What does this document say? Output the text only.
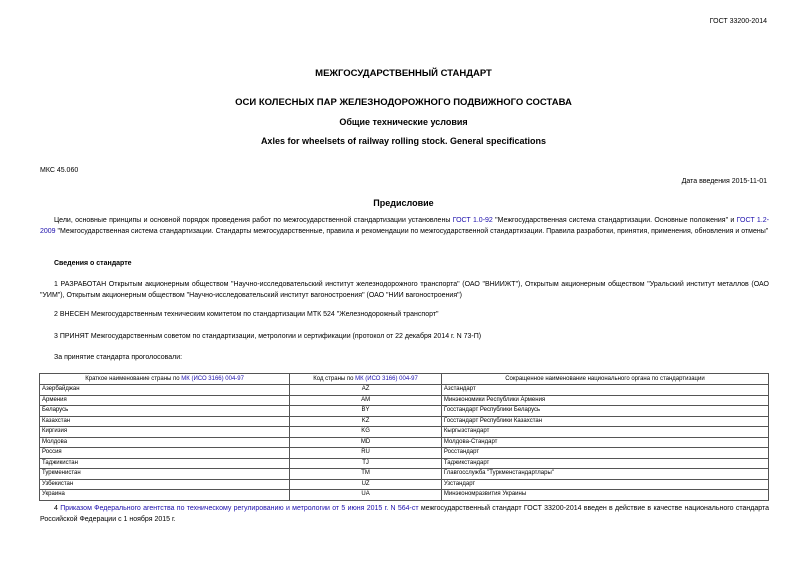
ГОСТ 33200-2014
МЕЖГОСУДАРСТВЕННЫЙ СТАНДАРТ
ОСИ КОЛЕСНЫХ ПАР ЖЕЛЕЗНОДОРОЖНОГО ПОДВИЖНОГО СОСТАВА
Общие технические условия
Axles for wheelsets of railway rolling stock. General specifications
МКС 45.060
Дата введения 2015-11-01
Предисловие
Цели, основные принципы и основной порядок проведения работ по межгосударственной стандартизации установлены ГОСТ 1.0-92 "Межгосударственная система стандартизации. Основные положения" и ГОСТ 1.2-2009 "Межгосударственная система стандартизации. Стандарты межгосударственные, правила и рекомендации по межгосударственной стандартизации. Правила разработки, принятия, применения, обновления и отмены"
Сведения о стандарте
1 РАЗРАБОТАН Открытым акционерным обществом "Научно-исследовательский институт железнодорожного транспорта" (ОАО "ВНИИЖТ"), Открытым акционерным обществом "Уральский институт металлов (ОАО "УИМ"), Открытым акционерным обществом "Научно-исследовательский институт вагоностроения" (ОАО "НИИ вагоностроения")
2 ВНЕСЕН Межгосударственным техническим комитетом по стандартизации МТК 524 "Железнодорожный транспорт"
3 ПРИНЯТ Межгосударственным советом по стандартизации, метрологии и сертификации (протокол от 22 декабря 2014 г. N 73-П)
За принятие стандарта проголосовали:
Краткое наименование страны по МК (ИСО 3166) 004-97	Код страны по МК (ИСО 3166) 004-97	Сокращенное наименование национального органа по стандартизации
Азербайджан	AZ	Азстандарт
Армения	AM	Минэкономики Республики Армения
Беларусь	BY	Госстандарт Республики Беларусь
Казахстан	KZ	Госстандарт Республики Казахстан
Киргизия	KG	Кыргызстандарт
Молдова	MD	Молдова-Стандарт
Россия	RU	Росстандарт
Таджикистан	TJ	Таджикстандарт
Туркменистан	TM	Главгосслужба "Туркменстандартлары"
Узбекистан	UZ	Узстандарт
Украина	UA	Минэкономразвития Украины
4 Приказом Федерального агентства по техническому регулированию и метрологии от 5 июня 2015 г. N 564-ст межгосударственный стандарт ГОСТ 33200-2014 введен в действие в качестве национального стандарта Российской Федерации с 1 ноября 2015 г.
